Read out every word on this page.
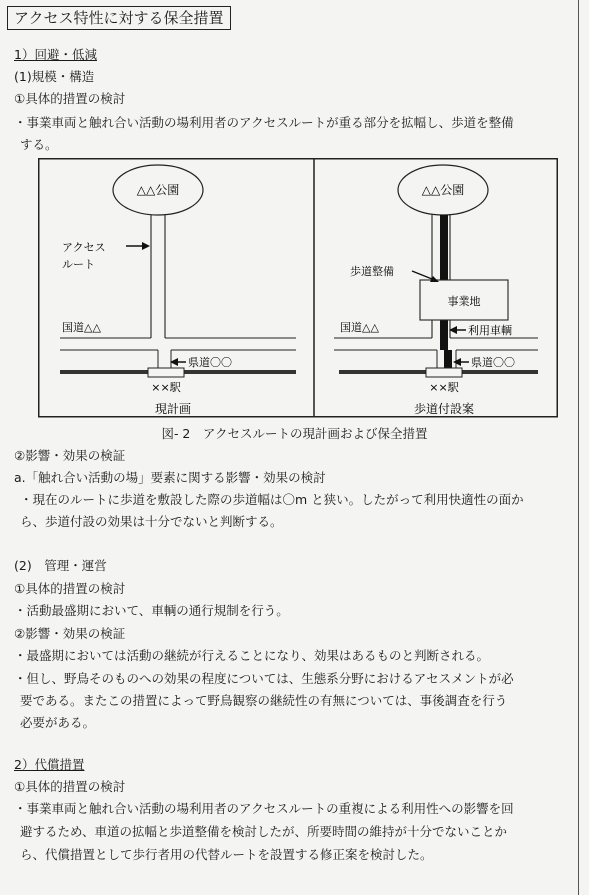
アクセス特性に対する保全措置
1）回避・低減
(1)規模・構造
①具体的措置の検討
・事業車両と触れ合い活動の場利用者のアクセスルートが重る部分を拡幅し、歩道を整備
する。
△△公園
××駅
アクセス
ルート
国道△△
県道〇〇
現計画
△△公園
××駅
事業地
歩道整備
利用車輌
国道△△
県道〇〇
歩道付設案
図- 2　アクセスルートの現計画および保全措置
②影響・効果の検証
a.「触れ合い活動の場」要素に関する影響・効果の検討
・現在のルートに歩道を敷設した際の歩道幅は〇m と狭い。したがって利用快適性の面か
ら、歩道付設の効果は十分でないと判断する。
(2)　管理・運営
①具体的措置の検討
・活動最盛期において、車輌の通行規制を行う。
②影響・効果の検証
・最盛期においては活動の継続が行えることになり、効果はあるものと判断される。
・但し、野鳥そのものへの効果の程度については、生態系分野におけるアセスメントが必
要である。またこの措置によって野鳥観察の継続性の有無については、事後調査を行う
必要がある。
2）代償措置
①具体的措置の検討
・事業車両と触れ合い活動の場利用者のアクセスルートの重複による利用性への影響を回
避するため、車道の拡幅と歩道整備を検討したが、所要時間の維持が十分でないことか
ら、代償措置として歩行者用の代替ルートを設置する修正案を検討した。
